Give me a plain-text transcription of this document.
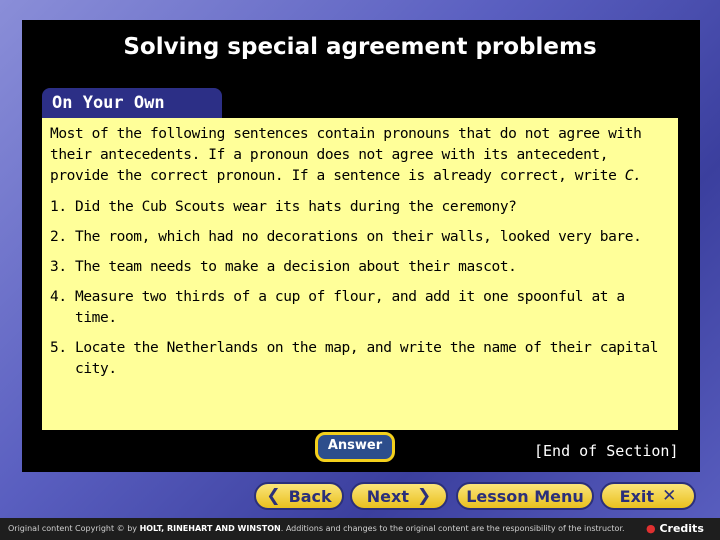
Solving special agreement problems
On Your Own
Most of the following sentences contain pronouns that do not agree with their antecedents. If a pronoun does not agree with its antecedent, provide the correct pronoun. If a sentence is already correct, write C.
1. Did the Cub Scouts wear its hats during the ceremony?
2. The room, which had no decorations on their walls, looked very bare.
3. The team needs to make a decision about their mascot.
4. Measure two thirds of a cup of flour, and add it one spoonful at a time.
5. Locate the Netherlands on the map, and write the name of their capital city.
Answer	[End of Section]
❮ Back Next ❯ Lesson Menu Exit ✕
Original content Copyright © by HOLT, RINEHART AND WINSTON. Additions and changes to the original content are the responsibility of the instructor.	● Credits
